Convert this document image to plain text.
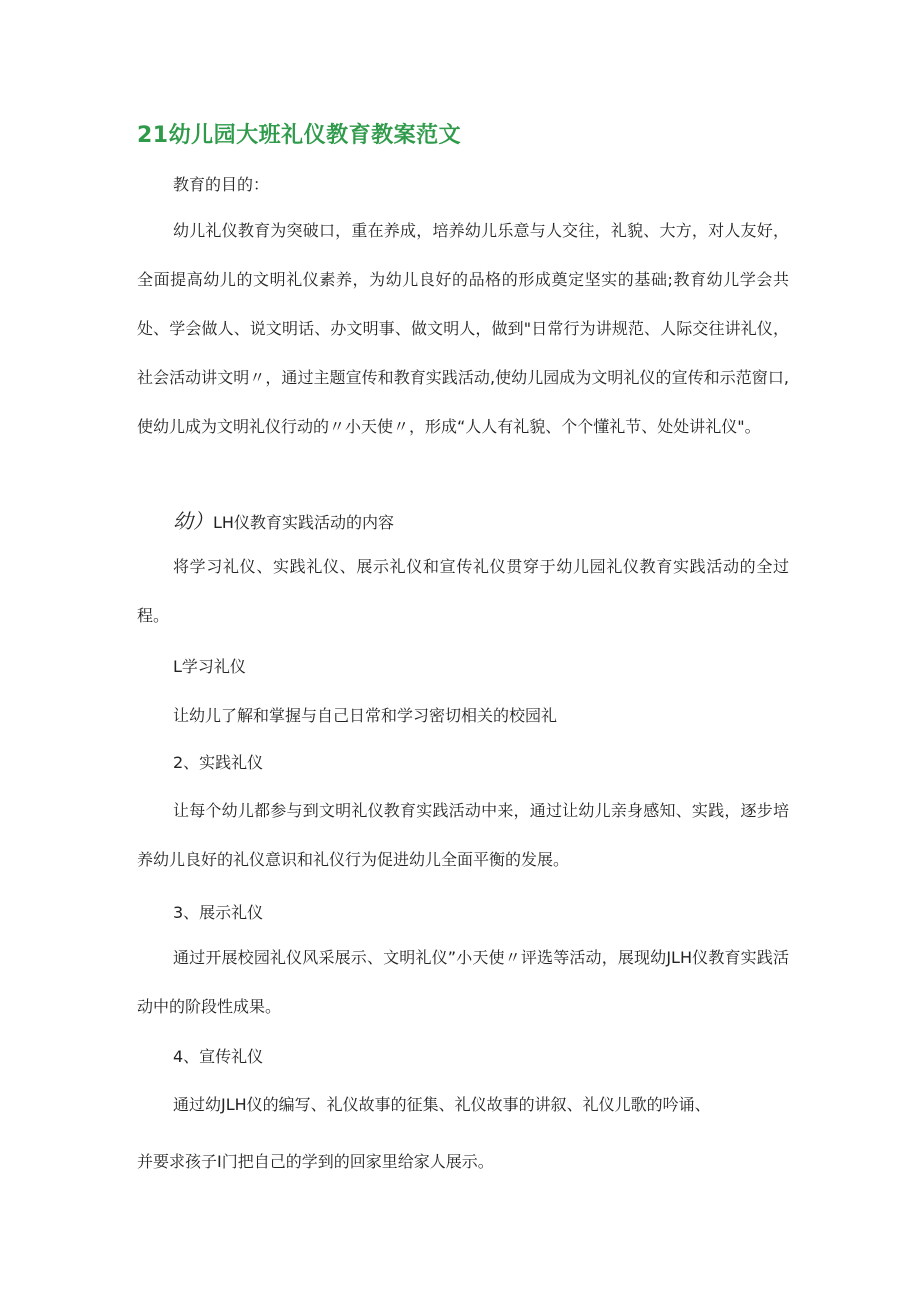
21幼儿园大班礼仪教育教案范文
教育的目的：
幼儿礼仪教育为突破口，重在养成，培养幼儿乐意与人交往，礼貌、大方，对人友好，全面提高幼儿的文明礼仪素养，为幼儿良好的品格的形成奠定坚实的基础;教育幼儿学会共处、学会做人、说文明话、办文明事、做文明人，做到"日常行为讲规范、人际交往讲礼仪，社会活动讲文明〃，通过主题宣传和教育实践活动,使幼儿园成为文明礼仪的宣传和示范窗口,使幼儿成为文明礼仪行动的〃小天使〃，形成“人人有礼貌、个个懂礼节、处处讲礼仪"。
幼）LH仪教育实践活动的内容
将学习礼仪、实践礼仪、展示礼仪和宣传礼仪贯穿于幼儿园礼仪教育实践活动的全过程。
L学习礼仪
让幼儿了解和掌握与自己日常和学习密切相关的校园礼
2、实践礼仪
让每个幼儿都参与到文明礼仪教育实践活动中来，通过让幼儿亲身感知、实践，逐步培养幼儿良好的礼仪意识和礼仪行为促进幼儿全面平衡的发展。
3、展示礼仪
通过开展校园礼仪风采展示、文明礼仪”小天使〃评选等活动，展现幼JLH仪教育实践活动中的阶段性成果。
4、宣传礼仪
通过幼JLH仪的编写、礼仪故事的征集、礼仪故事的讲叙、礼仪儿歌的吟诵、
并要求孩子I门把自己的学到的回家里给家人展示。
